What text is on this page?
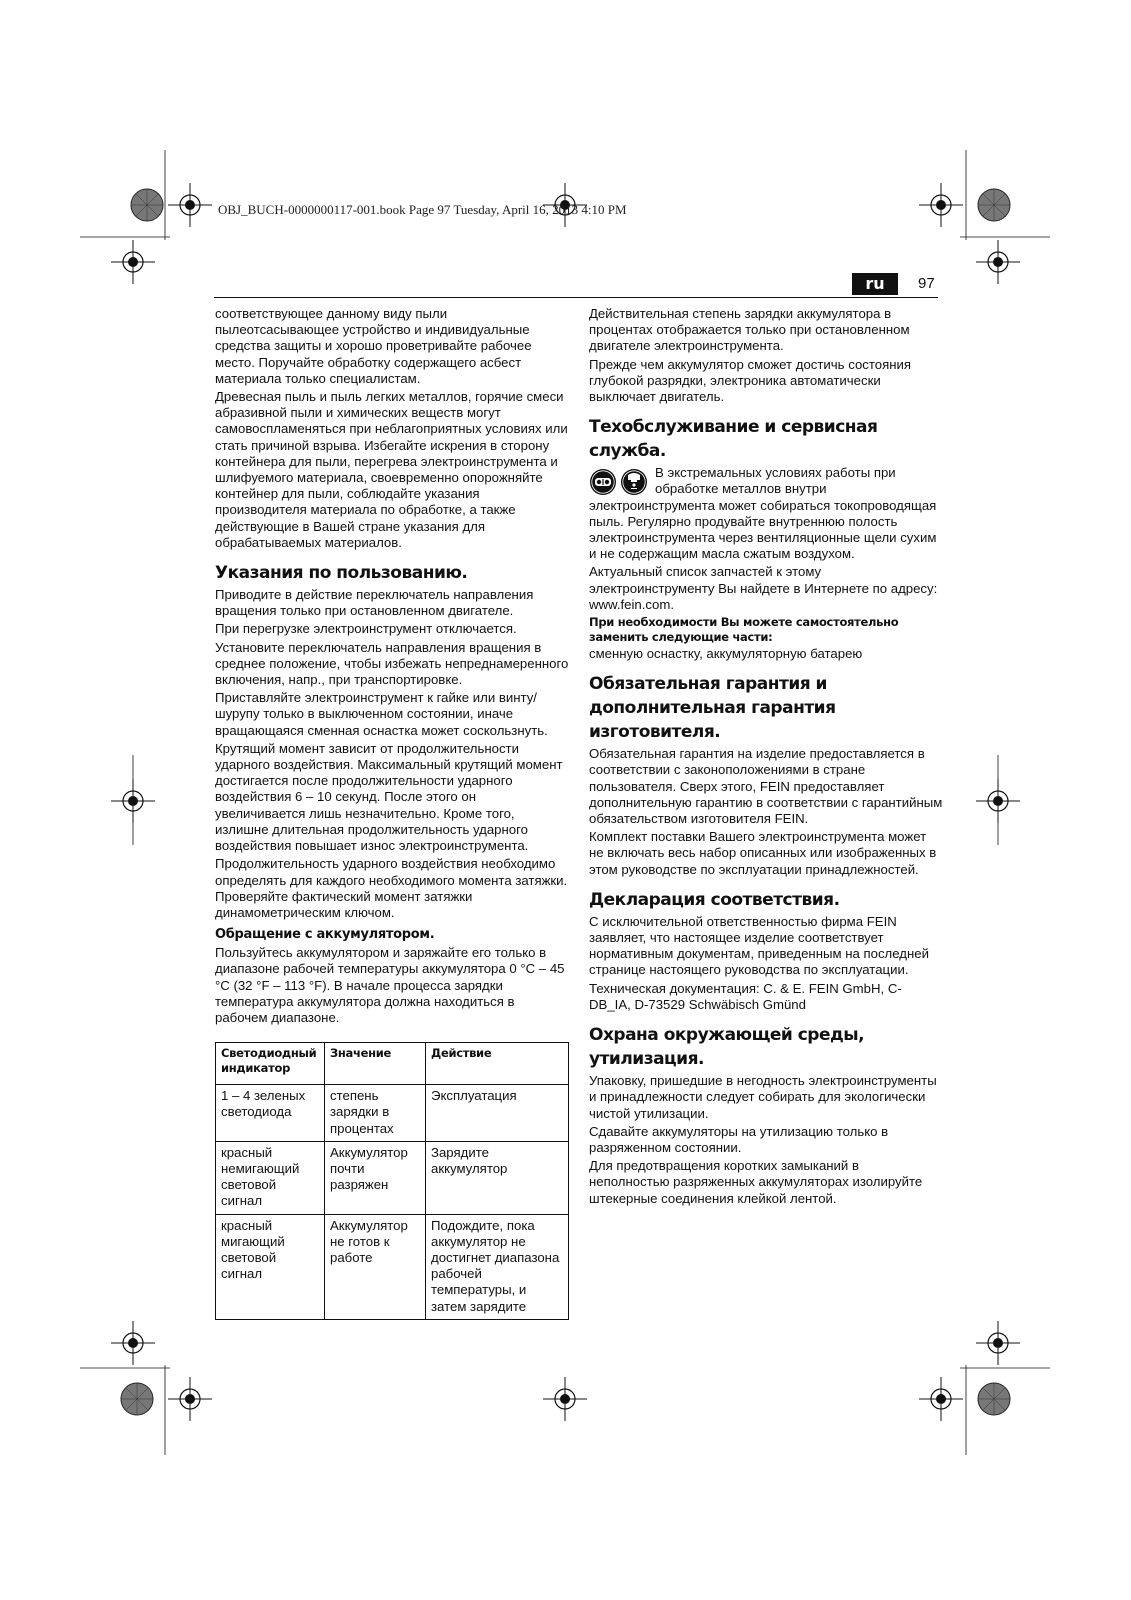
OBJ_BUCH-0000000117-001.book Page 97 Tuesday, April 16, 2013 4:10 PM
ru	97

соответствующее данному виду пыли пылеотсасывающее устройство и индивидуальные средства защиты и хорошо проветривайте рабочее место. Поручайте обработку содержащего асбест материала только специалистам.

Древесная пыль и пыль легких металлов, горячие смеси абразивной пыли и химических веществ могут самовоспламеняться при неблагоприятных условиях или стать причиной взрыва. Избегайте искрения в сторону контейнера для пыли, перегрева электроинструмента и шлифуемого материала, своевременно опорожняйте контейнер для пыли, соблюдайте указания производителя материала по обработке, а также действующие в Вашей стране указания для обрабатываемых материалов.

Указания по пользованию.

Приводите в действие переключатель направления вращения только при остановленном двигателе.

При перегрузке электроинструмент отключается.

Установите переключатель направления вращения в среднее положение, чтобы избежать непреднамеренного включения, напр., при транспортировке.

Приставляйте электроинструмент к гайке или винту/шурупу только в выключенном состоянии, иначе вращающаяся сменная оснастка может соскользнуть.

Крутящий момент зависит от продолжительности ударного воздействия. Максимальный крутящий момент достигается после продолжительности ударного воздействия 6 – 10 секунд. После этого он увеличивается лишь незначительно. Кроме того, излишне длительная продолжительность ударного воздействия повышает износ электроинструмента.

Продолжительность ударного воздействия необходимо определять для каждого необходимого момента затяжки. Проверяйте фактический момент затяжки динамометрическим ключом.

Обращение с аккумулятором.

Пользуйтесь аккумулятором и заряжайте его только в диапазоне рабочей температуры аккумулятора 0 °C – 45 °C (32 °F – 113 °F). В начале процесса зарядки температура аккумулятора должна находиться в рабочем диапазоне.

Светодиодный индикатор	Значение	Действие
1 – 4 зеленых светодиода	степень зарядки в процентах	Эксплуатация
красный немигающий световой сигнал	Аккумулятор почти разряжен	Зарядите аккумулятор
красный мигающий световой сигнал	Аккумулятор не готов к работе	Подождите, пока аккумулятор не достигнет диапазона рабочей температуры, и затем зарядите

Действительная степень зарядки аккумулятора в процентах отображается только при остановленном двигателе электроинструмента.

Прежде чем аккумулятор сможет достичь состояния глубокой разрядки, электроника автоматически выключает двигатель.

Техобслуживание и сервисная служба.

В экстремальных условиях работы при обработке металлов внутри электроинструмента может собираться токопроводящая пыль. Регулярно продувайте внутреннюю полость электроинструмента через вентиляционные щели сухим и не содержащим масла сжатым воздухом.

Актуальный список запчастей к этому электроинструменту Вы найдете в Интернете по адресу: www.fein.com.

При необходимости Вы можете самостоятельно заменить следующие части:

сменную оснастку, аккумуляторную батарею

Обязательная гарантия и дополнительная гарантия изготовителя.

Обязательная гарантия на изделие предоставляется в соответствии с законоположениями в стране пользователя. Сверх этого, FEIN предоставляет дополнительную гарантию в соответствии с гарантийным обязательством изготовителя FEIN.

Комплект поставки Вашего электроинструмента может не включать весь набор описанных или изображенных в этом руководстве по эксплуатации принадлежностей.

Декларация соответствия.

С исключительной ответственностью фирма FEIN заявляет, что настоящее изделие соответствует нормативным документам, приведенным на последней странице настоящего руководства по эксплуатации.

Техническая документация: C. & E. FEIN GmbH, C-DB_IA, D-73529 Schwäbisch Gmünd

Охрана окружающей среды, утилизация.

Упаковку, пришедшие в негодность электроинструменты и принадлежности следует собирать для экологически чистой утилизации.

Сдавайте аккумуляторы на утилизацию только в разряженном состоянии.

Для предотвращения коротких замыканий в неполностью разряженных аккумуляторах изолируйте штекерные соединения клейкой лентой.
